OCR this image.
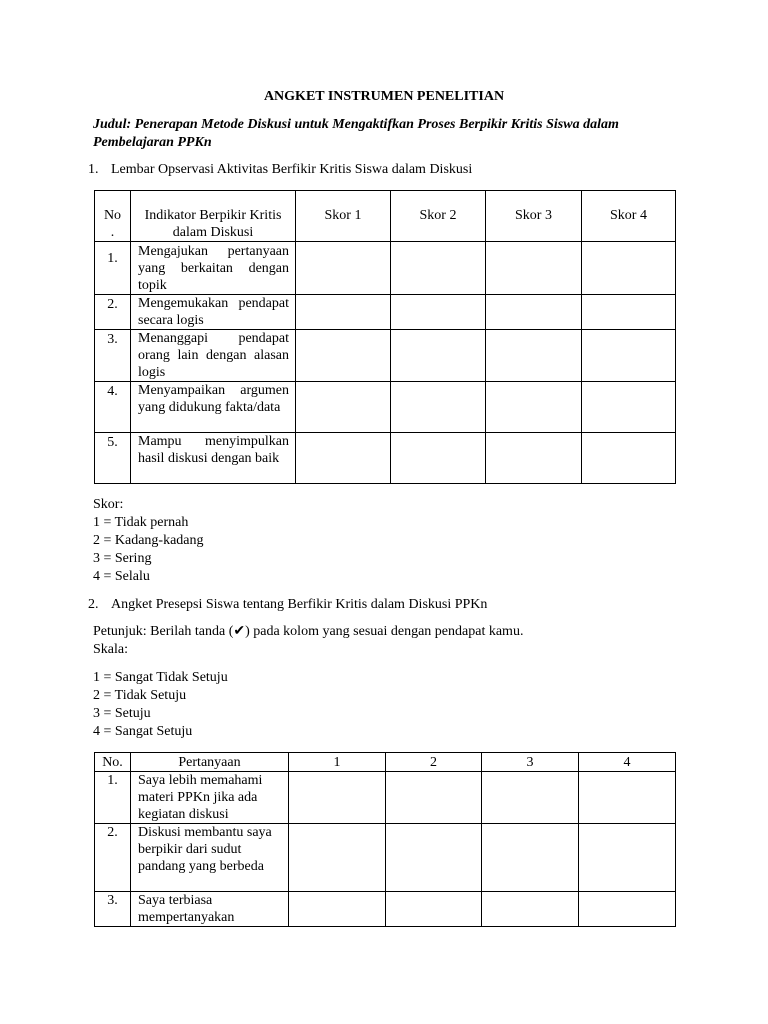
ANGKET INSTRUMEN PENELITIAN
Judul: Penerapan Metode Diskusi untuk Mengaktifkan Proses Berpikir Kritis Siswa dalam Pembelajaran PPKn
1. Lembar Opservasi Aktivitas Berfikir Kritis Siswa dalam Diskusi
No .	Indikator Berpikir Kritis dalam Diskusi	Skor 1	Skor 2	Skor 3	Skor 4
1.	Mengajukan pertanyaan yang berkaitan dengan topik				
2.	Mengemukakan pendapat secara logis				
3.	Menanggapi pendapat orang lain dengan alasan logis				
4.	Menyampaikan argumen yang didukung fakta/data				
5.	Mampu menyimpulkan hasil diskusi dengan baik				
Skor:
1 = Tidak pernah
2 = Kadang-kadang
3 = Sering
4 = Selalu
2. Angket Presepsi Siswa tentang Berfikir Kritis dalam Diskusi PPKn
Petunjuk: Berilah tanda (✔) pada kolom yang sesuai dengan pendapat kamu.
Skala:
1 = Sangat Tidak Setuju
2 = Tidak Setuju
3 = Setuju
4 = Sangat Setuju
No.	Pertanyaan	1	2	3	4
1.	Saya lebih memahami materi PPKn jika ada kegiatan diskusi				
2.	Diskusi membantu saya berpikir dari sudut pandang yang berbeda				
3.	Saya terbiasa mempertanyakan				
